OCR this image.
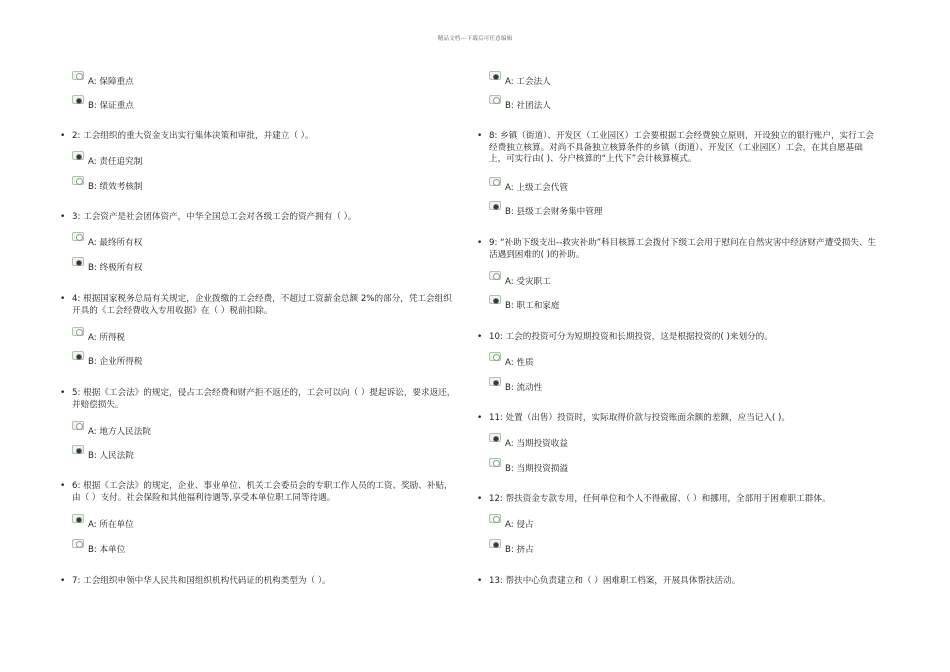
精品文档---下载后可任意编辑
A: 保障重点
B: 保证重点
• 2: 工会组织的重大资金支出实行集体决策和审批，并建立（ ）。
A: 责任追究制
B: 绩效考核制
• 3: 工会资产是社会团体资产，中华全国总工会对各级工会的资产拥有（ ）。
A: 最终所有权
B: 终极所有权
• 4: 根据国家税务总局有关规定，企业拨缴的工会经费，不超过工资薪金总额 2%的部分，凭工会组织开具的《工会经费收入专用收据》在（ ）税前扣除。
A: 所得税
B: 企业所得税
• 5: 根据《工会法》的规定，侵占工会经费和财产拒不返还的，工会可以向（ ）提起诉讼，要求返还，并赔偿损失。
A: 地方人民法院
B: 人民法院
• 6: 根据《工会法》的规定，企业、事业单位、机关工会委员会的专职工作人员的工资、奖励、补贴，由（ ）支付。社会保险和其他福利待遇等,享受本单位职工同等待遇。
A: 所在单位
B: 本单位
• 7: 工会组织申领中华人民共和国组织机构代码证的机构类型为（ ）。
A: 工会法人
B: 社团法人
• 8: 乡镇（街道）、开发区（工业园区）工会要根据工会经费独立原则，开设独立的银行账户，实行工会经费独立核算。对尚不具备独立核算条件的乡镇（街道）、开发区（工业园区）工会，在其自愿基础上，可实行由( )、分户核算的“上代下”会计核算模式。
A: 上级工会代管
B: 县级工会财务集中管理
• 9: “补助下级支出--救灾补助”科目核算工会拨付下级工会用于慰问在自然灾害中经济财产遭受损失、生活遇到困难的( )的补助。
A: 受灾职工
B: 职工和家庭
• 10: 工会的投资可分为短期投资和长期投资，这是根据投资的( )来划分的。
A: 性质
B: 流动性
• 11: 处置（出售）投资时，实际取得价款与投资账面余额的差额，应当记入( )。
A: 当期投资收益
B: 当期投资损溢
• 12: 帮扶资金专款专用，任何单位和个人不得截留、（ ）和挪用，全部用于困难职工群体。
A: 侵占
B: 挤占
• 13: 帮扶中心负责建立和（ ）困难职工档案，开展具体帮扶活动。
